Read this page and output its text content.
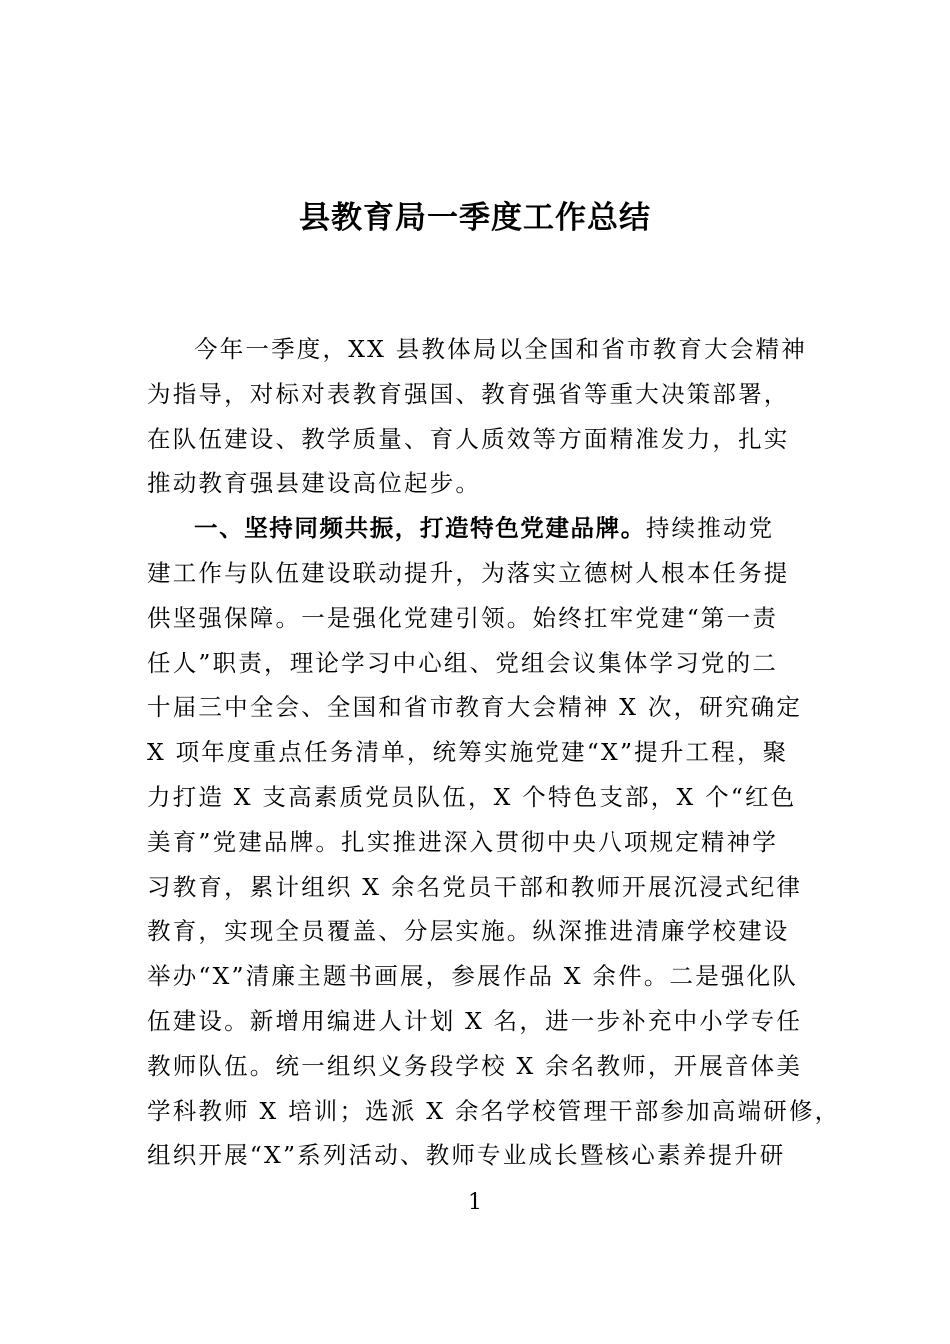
县教育局一季度工作总结
今年一季度，XX 县教体局以全国和省市教育大会精神
为指导，对标对表教育强国、教育强省等重大决策部署，
在队伍建设、教学质量、育人质效等方面精准发力，扎实
推动教育强县建设高位起步。
一、坚持同频共振，打造特色党建品牌。持续推动党
建工作与队伍建设联动提升，为落实立德树人根本任务提
供坚强保障。一是强化党建引领。始终扛牢党建“第一责
任人”职责，理论学习中心组、党组会议集体学习党的二
十届三中全会、全国和省市教育大会精神 X 次，研究确定
X 项年度重点任务清单，统筹实施党建“X”提升工程，聚
力打造 X 支高素质党员队伍，X 个特色支部，X 个“红色
美育”党建品牌。扎实推进深入贯彻中央八项规定精神学
习教育，累计组织 X 余名党员干部和教师开展沉浸式纪律
教育，实现全员覆盖、分层实施。纵深推进清廉学校建设
举办“X”清廉主题书画展，参展作品 X 余件。二是强化队
伍建设。新增用编进人计划 X 名，进一步补充中小学专任
教师队伍。统一组织义务段学校 X 余名教师，开展音体美
学科教师 X 培训；选派 X 余名学校管理干部参加高端研修，
组织开展“X”系列活动、教师专业成长暨核心素养提升研
1
